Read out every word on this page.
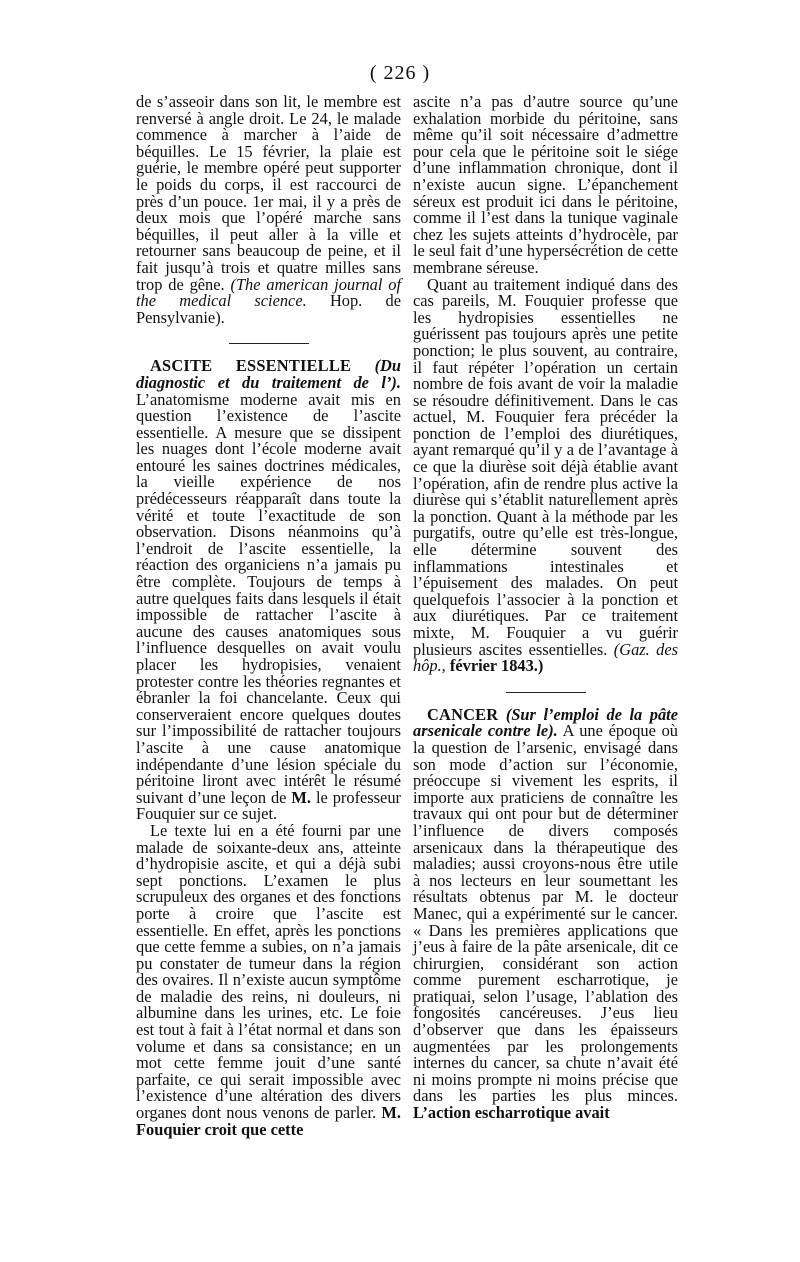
( 226 )

de s’asseoir dans son lit, le membre est renversé à angle droit. Le 24, le malade commence à marcher à l’aide de béquilles. Le 15 février, la plaie est guérie, le membre opéré peut supporter le poids du corps, il est raccourci de près d’un pouce. 1er mai, il y a près de deux mois que l’opéré marche sans béquilles, il peut aller à la ville et retourner sans beaucoup de peine, et il fait jusqu’à trois et quatre milles sans trop de gêne. (The american journal of the medical science. Hop. de Pensylvanie).

ASCITE ESSENTIELLE (Du diagnostic et du traitement de l’). L’anatomisme moderne avait mis en question l’existence de l’ascite essentielle. A mesure que se dissipent les nuages dont l’école moderne avait entouré les saines doctrines médicales, la vieille expérience de nos prédécesseurs réapparaît dans toute la vérité et toute l’exactitude de son observation. Disons néanmoins qu’à l’endroit de l’ascite essentielle, la réaction des organiciens n’a jamais pu être complète. Toujours de temps à autre quelques faits dans lesquels il était impossible de rattacher l’ascite à aucune des causes anatomiques sous l’influence desquelles on avait voulu placer les hydropisies, venaient protester contre les théories regnantes et ébranler la foi chancelante. Ceux qui conserveraient encore quelques doutes sur l’impossibilité de rattacher toujours l’ascite à une cause anatomique indépendante d’une lésion spéciale du péritoine liront avec intérêt le résumé suivant d’une leçon de M. le professeur Fouquier sur ce sujet.

Le texte lui en a été fourni par une malade de soixante-deux ans, atteinte d’hydropisie ascite, et qui a déjà subi sept ponctions. L’examen le plus scrupuleux des organes et des fonctions porte à croire que l’ascite est essentielle. En effet, après les ponctions que cette femme a subies, on n’a jamais pu constater de tumeur dans la région des ovaires. Il n’existe aucun symptôme de maladie des reins, ni douleurs, ni albumine dans les urines, etc. Le foie est tout à fait à l’état normal et dans son volume et dans sa consistance; en un mot cette femme jouit d’une santé parfaite, ce qui serait impossible avec l’existence d’une altération des divers organes dont nous venons de parler. M. Fouquier croit que cette

ascite n’a pas d’autre source qu’une exhalation morbide du péritoine, sans même qu’il soit nécessaire d’admettre pour cela que le péritoine soit le siége d’une inflammation chronique, dont il n’existe aucun signe. L’épanchement séreux est produit ici dans le péritoine, comme il l’est dans la tunique vaginale chez les sujets atteints d’hydrocèle, par le seul fait d’une hypersécrétion de cette membrane séreuse.

Quant au traitement indiqué dans des cas pareils, M. Fouquier professe que les hydropisies essentielles ne guérissent pas toujours après une petite ponction; le plus souvent, au contraire, il faut répéter l’opération un certain nombre de fois avant de voir la maladie se résoudre définitivement. Dans le cas actuel, M. Fouquier fera précéder la ponction de l’emploi des diurétiques, ayant remarqué qu’il y a de l’avantage à ce que la diurèse soit déjà établie avant l’opération, afin de rendre plus active la diurèse qui s’établit naturellement après la ponction. Quant à la méthode par les purgatifs, outre qu’elle est très-longue, elle détermine souvent des inflammations intestinales et l’épuisement des malades. On peut quelquefois l’associer à la ponction et aux diurétiques. Par ce traitement mixte, M. Fouquier a vu guérir plusieurs ascites essentielles. (Gaz. des hôp., février 1843.)

CANCER (Sur l’emploi de la pâte arsenicale contre le). A une époque où la question de l’arsenic, envisagé dans son mode d’action sur l’économie, préoccupe si vivement les esprits, il importe aux praticiens de connaître les travaux qui ont pour but de déterminer l’influence de divers composés arsenicaux dans la thérapeutique des maladies; aussi croyons-nous être utile à nos lecteurs en leur soumettant les résultats obtenus par M. le docteur Manec, qui a expérimenté sur le cancer. « Dans les premières applications que j’eus à faire de la pâte arsenicale, dit ce chirurgien, considérant son action comme purement escharrotique, je pratiquai, selon l’usage, l’ablation des fongosités cancéreuses. J’eus lieu d’observer que dans les épaisseurs augmentées par les prolongements internes du cancer, sa chute n’avait été ni moins prompte ni moins précise que dans les parties les plus minces. L’action escharrotique avait
